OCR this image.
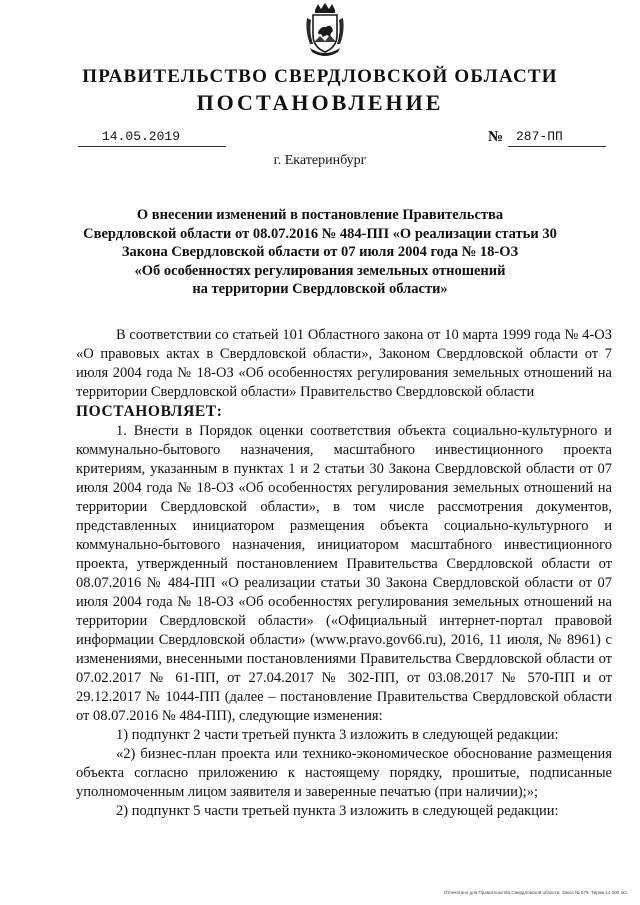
ПРАВИТЕЛЬСТВО СВЕРДЛОВСКОЙ ОБЛАСТИ
ПОСТАНОВЛЕНИЕ
14.05.2019	№ 287-ПП
г. Екатеринбург
О внесении изменений в постановление Правительства
Свердловской области от 08.07.2016 № 484-ПП «О реализации статьи 30
Закона Свердловской области от 07 июля 2004 года № 18-ОЗ
«Об особенностях регулирования земельных отношений
на территории Свердловской области»

В соответствии со статьей 101 Областного закона от 10 марта 1999 года № 4-ОЗ «О правовых актах в Свердловской области», Законом Свердловской области от 7 июля 2004 года № 18-ОЗ «Об особенностях регулирования земельных отношений на территории Свердловской области» Правительство Свердловской области

ПОСТАНОВЛЯЕТ:

1. Внести в Порядок оценки соответствия объекта социально-культурного и коммунально-бытового назначения, масштабного инвестиционного проекта критериям, указанным в пунктах 1 и 2 статьи 30 Закона Свердловской области от 07 июля 2004 года № 18-ОЗ «Об особенностях регулирования земельных отношений на территории Свердловской области», в том числе рассмотрения документов, представленных инициатором размещения объекта социально-культурного и коммунально-бытового назначения, инициатором масштабного инвестиционного проекта, утвержденный постановлением Правительства Свердловской области от 08.07.2016 № 484-ПП «О реализации статьи 30 Закона Свердловской области от 07 июля 2004 года № 18-ОЗ «Об особенностях регулирования земельных отношений на территории Свердловской области» («Официальный интернет-портал правовой информации Свердловской области» (www.pravo.gov66.ru), 2016, 11 июля, № 8961) с изменениями, внесенными постановлениями Правительства Свердловской области от 07.02.2017 № 61-ПП, от 27.04.2017 № 302-ПП, от 03.08.2017 № 570-ПП и от 29.12.2017 № 1044-ПП (далее – постановление Правительства Свердловской области от 08.07.2016 № 484-ПП), следующие изменения:

1) подпункт 2 части третьей пункта 3 изложить в следующей редакции:

«2) бизнес-план проекта или технико-экономическое обоснование размещения объекта согласно приложению к настоящему порядку, прошитые, подписанные уполномоченным лицом заявителя и заверенные печатью (при наличии);»;

2) подпункт 5 части третьей пункта 3 изложить в следующей редакции:

Отпечатано для Правительства Свердловской области. Заказ № 575. Тираж 14 000 экз.
